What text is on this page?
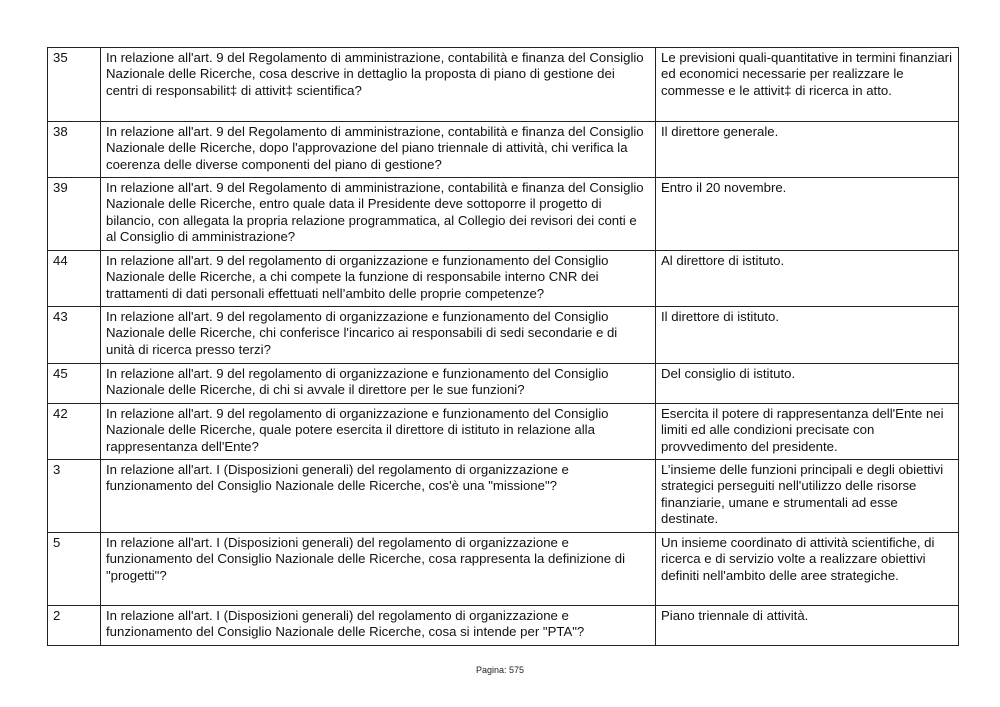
35	In relazione all'art. 9 del Regolamento di amministrazione, contabilità e finanza del Consiglio Nazionale delle Ricerche, cosa descrive in dettaglio la proposta di piano di gestione dei centri di responsabilit‡ di attivit‡ scientifica?	Le previsioni quali-quantitative in termini finanziari ed economici necessarie per realizzare le commesse e le attivit‡ di ricerca in atto.
38	In relazione all'art. 9 del Regolamento di amministrazione, contabilità e finanza del Consiglio Nazionale delle Ricerche, dopo l'approvazione del piano triennale di attività, chi verifica la coerenza delle diverse componenti del piano di gestione?	Il direttore generale.
39	In relazione all'art. 9 del Regolamento di amministrazione, contabilità e finanza del Consiglio Nazionale delle Ricerche, entro quale data il Presidente deve sottoporre il progetto di bilancio, con allegata la propria relazione programmatica, al Collegio dei revisori dei conti e al Consiglio di amministrazione?	Entro il 20 novembre.
44	In relazione all'art. 9 del regolamento di organizzazione e funzionamento del Consiglio Nazionale delle Ricerche, a chi compete la funzione di responsabile interno CNR dei trattamenti di dati personali effettuati nell’ambito delle proprie competenze?	Al direttore di istituto.
43	In relazione all'art. 9 del regolamento di organizzazione e funzionamento del Consiglio Nazionale delle Ricerche, chi conferisce l'incarico ai responsabili di sedi secondarie e di unità di ricerca presso terzi?	Il direttore di istituto.
45	In relazione all'art. 9 del regolamento di organizzazione e funzionamento del Consiglio Nazionale delle Ricerche, di chi si avvale il direttore per le sue funzioni?	Del consiglio di istituto.
42	In relazione all'art. 9 del regolamento di organizzazione e funzionamento del Consiglio Nazionale delle Ricerche, quale potere esercita il direttore di istituto in relazione alla rappresentanza dell'Ente?	Esercita il potere di rappresentanza dell'Ente nei limiti ed alle condizioni precisate con provvedimento del presidente.
3	In relazione all'art. I (Disposizioni generali) del regolamento di organizzazione e funzionamento del Consiglio Nazionale delle Ricerche, cos'è una "missione"?	L’insieme delle funzioni principali e degli obiettivi strategici perseguiti nell'utilizzo delle risorse finanziarie, umane e strumentali ad esse destinate.
5	In relazione all'art. I (Disposizioni generali) del regolamento di organizzazione e funzionamento del Consiglio Nazionale delle Ricerche, cosa rappresenta la definizione di "progetti"?	Un insieme coordinato di attività scientifiche, di ricerca e di servizio volte a realizzare obiettivi definiti nell'ambito delle aree strategiche.
2	In relazione all'art. I (Disposizioni generali) del regolamento di organizzazione e funzionamento del Consiglio Nazionale delle Ricerche, cosa si intende per "PTA"?	Piano triennale di attività.
Pagina: 575
